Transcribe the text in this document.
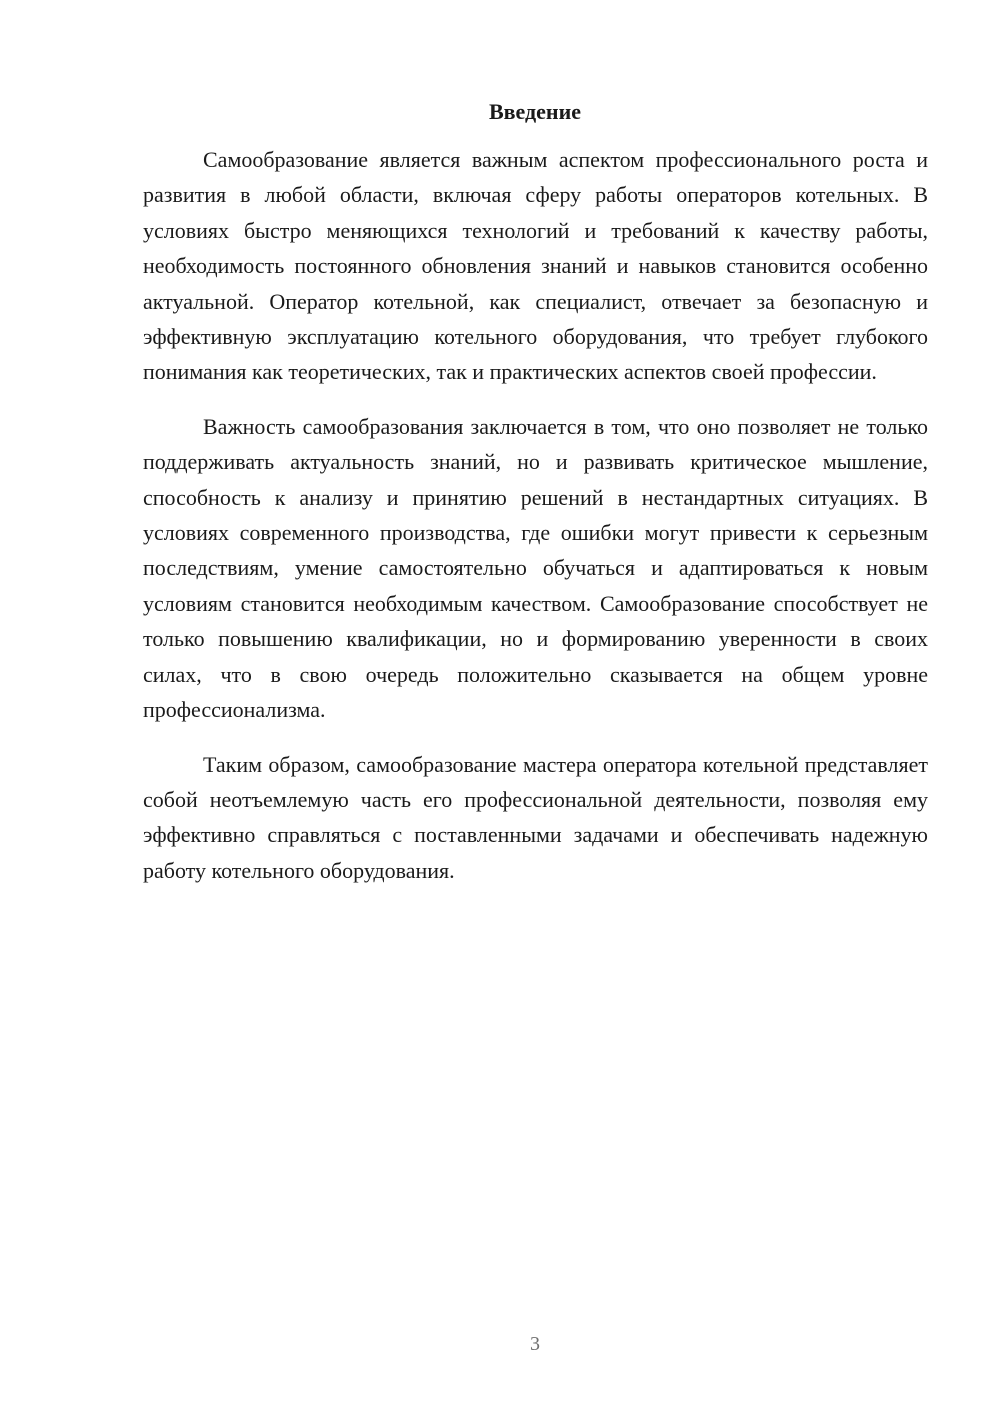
Введение

Самообразование является важным аспектом профессионального роста и развития в любой области, включая сферу работы операторов котельных. В условиях быстро меняющихся технологий и требований к качеству работы, необходимость постоянного обновления знаний и навыков становится особенно актуальной. Оператор котельной, как специалист, отвечает за безопасную и эффективную эксплуатацию котельного оборудования, что требует глубокого понимания как теоретических, так и практических аспектов своей профессии.

Важность самообразования заключается в том, что оно позволяет не только поддерживать актуальность знаний, но и развивать критическое мышление, способность к анализу и принятию решений в нестандартных ситуациях. В условиях современного производства, где ошибки могут привести к серьезным последствиям, умение самостоятельно обучаться и адаптироваться к новым условиям становится необходимым качеством. Самообразование способствует не только повышению квалификации, но и формированию уверенности в своих силах, что в свою очередь положительно сказывается на общем уровне профессионализма.

Таким образом, самообразование мастера оператора котельной представляет собой неотъемлемую часть его профессиональной деятельности, позволяя ему эффективно справляться с поставленными задачами и обеспечивать надежную работу котельного оборудования.

3
